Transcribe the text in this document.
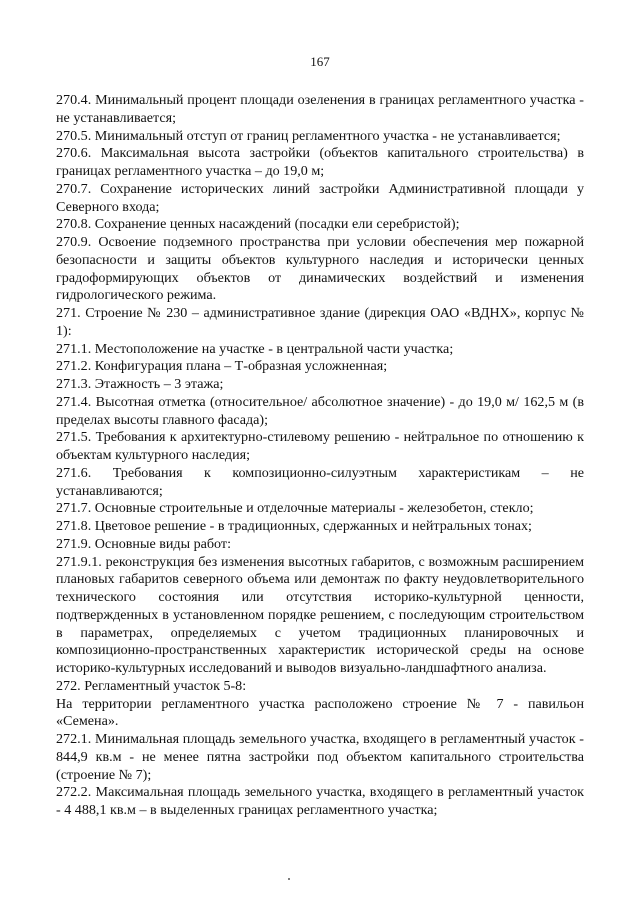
167

270.4. Минимальный процент площади озеленения в границах регламентного участка - не устанавливается;

270.5. Минимальный отступ от границ регламентного участка - не устанавливается;

270.6. Максимальная высота застройки (объектов капитального строительства) в границах регламентного участка – до 19,0 м;

270.7. Сохранение исторических линий застройки Административной площади у Северного входа;

270.8. Сохранение ценных насаждений (посадки ели серебристой);

270.9. Освоение подземного пространства при условии обеспечения мер пожарной безопасности и защиты объектов культурного наследия и исторически ценных градоформирующих объектов от динамических воздействий и изменения гидрологического режима.

271. Строение № 230 – административное здание (дирекция ОАО «ВДНХ», корпус № 1):

271.1. Местоположение на участке - в центральной части участка;

271.2. Конфигурация плана – Т-образная усложненная;

271.3. Этажность – 3 этажа;

271.4. Высотная отметка (относительное/ абсолютное значение) - до 19,0 м/ 162,5 м (в пределах высоты главного фасада);

271.5. Требования к архитектурно-стилевому решению - нейтральное по отношению к объектам культурного наследия;

271.6. Требования к композиционно-силуэтным характеристикам – не устанавливаются;

271.7. Основные строительные и отделочные материалы - железобетон, стекло;

271.8. Цветовое решение - в традиционных, сдержанных и нейтральных тонах;

271.9. Основные виды работ:

271.9.1. реконструкция без изменения высотных габаритов, с возможным расширением плановых габаритов северного объема или демонтаж по факту неудовлетворительного технического состояния или отсутствия историко-культурной ценности, подтвержденных в установленном порядке решением, с последующим строительством в параметрах, определяемых с учетом традиционных планировочных и композиционно-пространственных характеристик исторической среды на основе историко-культурных исследований и выводов визуально-ландшафтного анализа.

272. Регламентный участок 5-8:

На территории регламентного участка расположено строение № 7 - павильон «Семена».

272.1. Минимальная площадь земельного участка, входящего в регламентный участок - 844,9 кв.м - не менее пятна застройки под объектом капитального строительства (строение № 7);

272.2. Максимальная площадь земельного участка, входящего в регламентный участок - 4 488,1 кв.м – в выделенных границах регламентного участка;
